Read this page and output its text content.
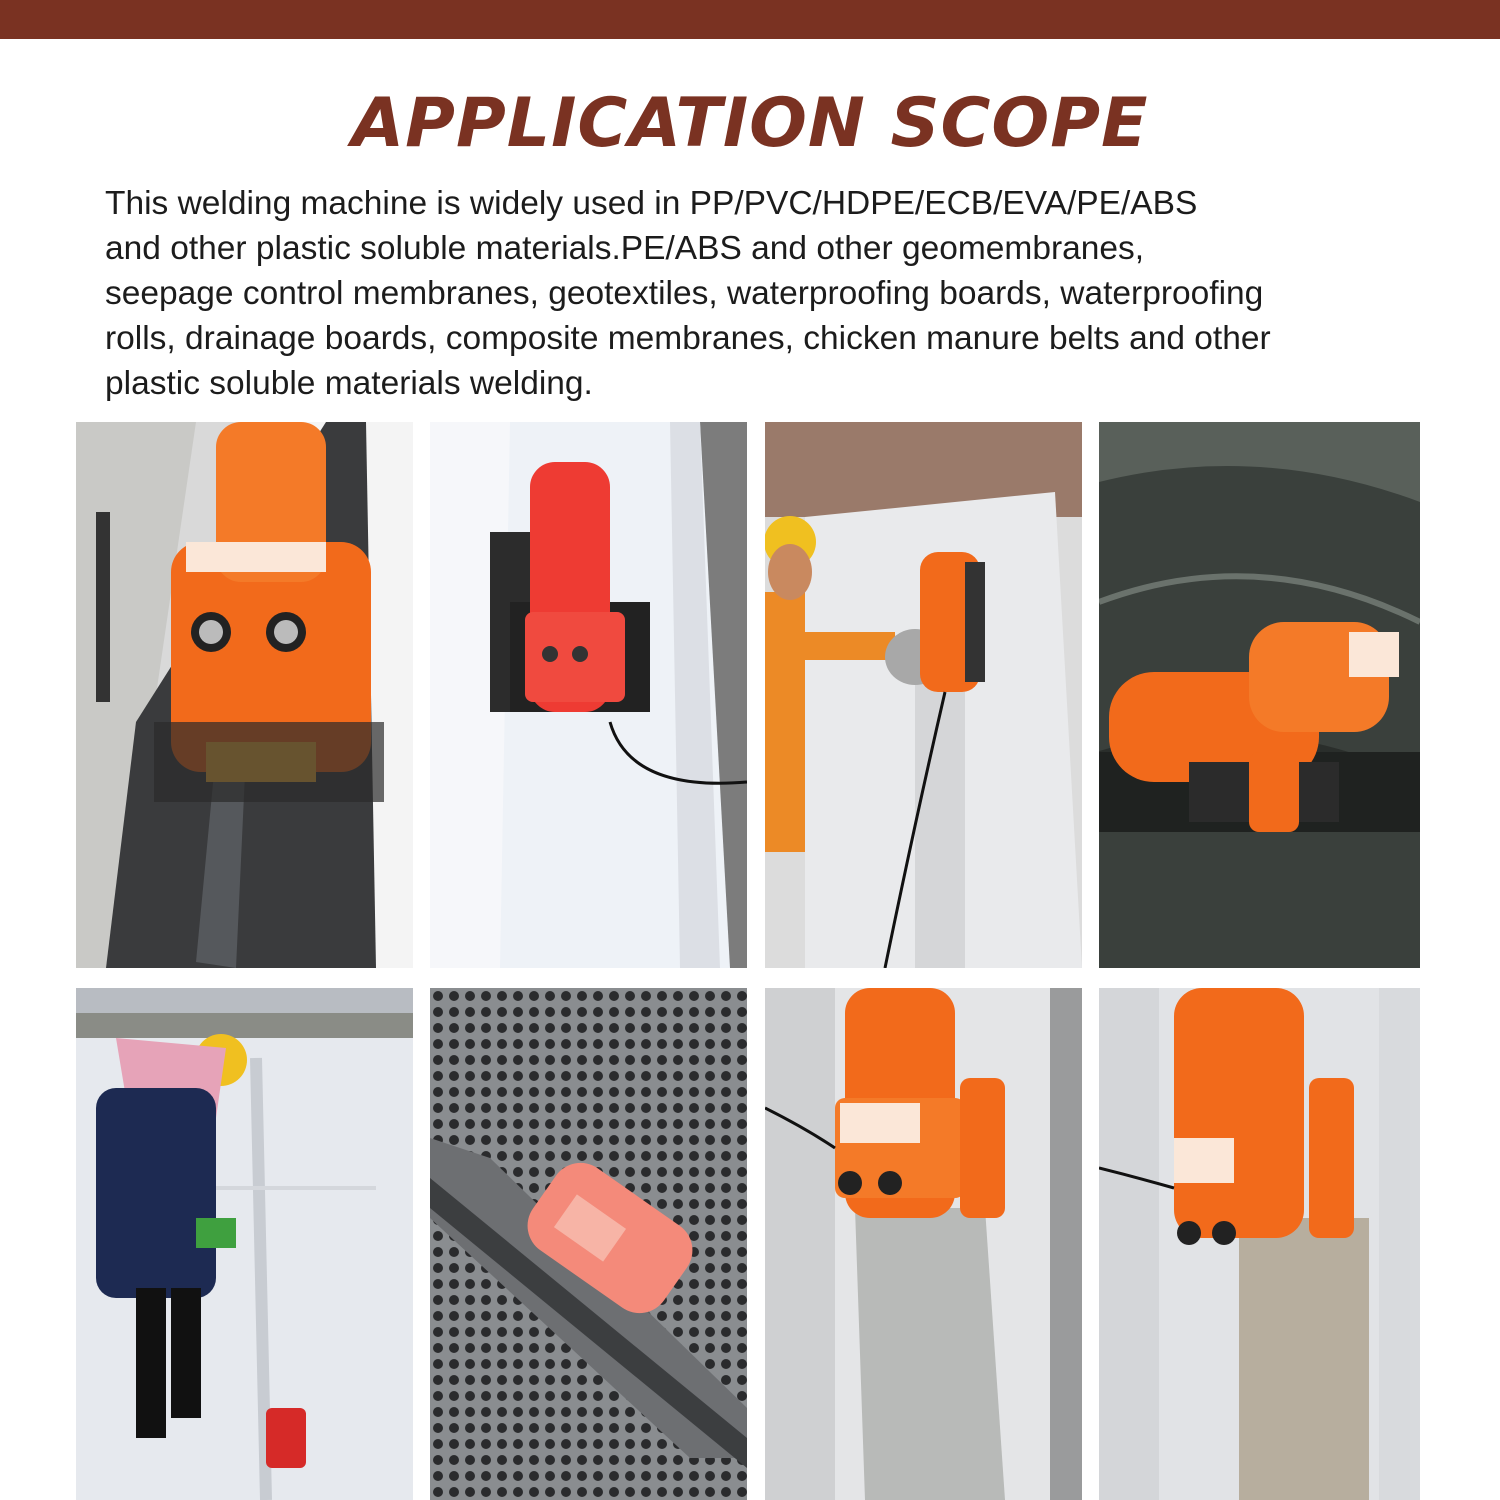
APPLICATION SCOPE

This welding machine is widely used in PP/PVC/HDPE/ECB/EVA/PE/ABS
and other plastic soluble materials.PE/ABS and other geomembranes,
seepage control membranes, geotextiles, waterproofing boards, waterproofing
rolls, drainage boards, composite membranes, chicken manure belts and other
plastic soluble materials welding.
